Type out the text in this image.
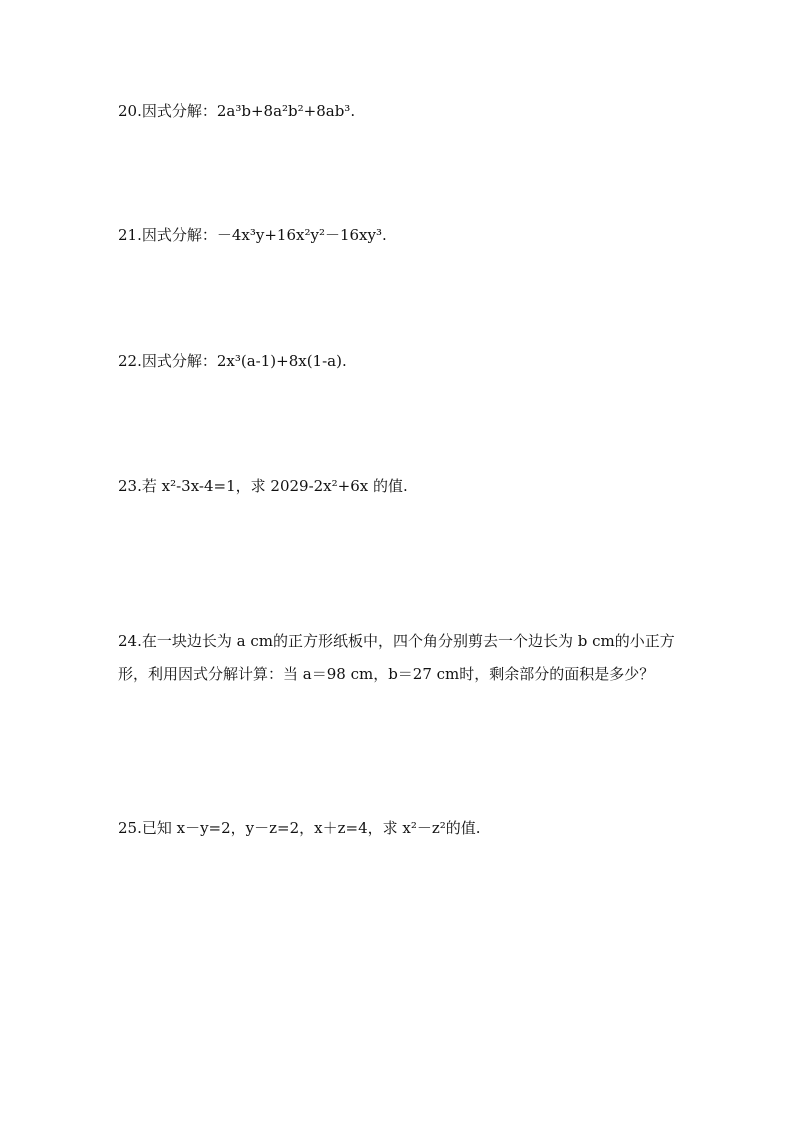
20.因式分解：2a³b+8a²b²+8ab³.
21.因式分解：－4x³y+16x²y²－16xy³.
22.因式分解：2x³(a-1)+8x(1-a).
23.若 x²-3x-4=1，求 2029-2x²+6x 的值.
24.在一块边长为 a cm的正方形纸板中，四个角分别剪去一个边长为 b cm的小正方
形，利用因式分解计算：当 a＝98 cm，b＝27 cm时，剩余部分的面积是多少？
25.已知 x－y=2，y－z=2，x＋z=4，求 x²－z²的值.
